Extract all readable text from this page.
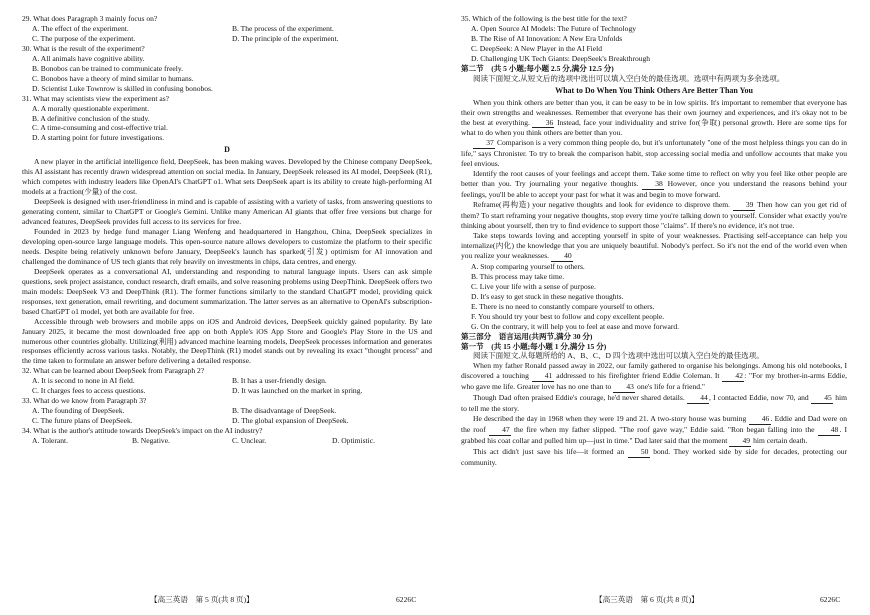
29. What does Paragraph 3 mainly focus on?
A. The effect of the experiment.	B. The process of the experiment.
C. The purpose of the experiment.	D. The principle of the experiment.
30. What is the result of the experiment?
A. All animals have cognitive ability.
B. Bonobos can be trained to communicate freely.
C. Bonobos have a theory of mind similar to humans.
D. Scientist Luke Townrow is skilled in confusing bonobos.
31. What may scientists view the experiment as?
A. A morally questionable experiment.
B. A definitive conclusion of the study.
C. A time-consuming and cost-effective trial.
D. A starting point for future investigations.
D

A new player in the artificial intelligence field, DeepSeek, has been making waves. Developed by the Chinese company DeepSeek, this AI assistant has recently drawn widespread attention on social media. In January, DeepSeek released its AI model, DeepSeek (R1), which competes with industry leaders like OpenAI's ChatGPT o1. What sets DeepSeek apart is its ability to create high-performing AI models at a fraction(少量) of the cost.

DeepSeek is designed with user-friendliness in mind and is capable of assisting with a variety of tasks, from answering questions to generating content, similar to ChatGPT or Google's Gemini. Unlike many American AI giants that offer free versions but charge for advanced features, DeepSeek provides full access to its services for free.

Founded in 2023 by hedge fund manager Liang Wenfeng and headquartered in Hangzhou, China, DeepSeek specializes in developing open-source large language models. This open-source nature allows developers to customize the platform to their specific needs. Despite being relatively unknown before January, DeepSeek's launch has sparked(引发) optimism for AI innovation and challenged the dominance of US tech giants that rely heavily on investments in chips, data centres, and energy.

DeepSeek operates as a conversational AI, understanding and responding to natural language inputs. Users can ask simple questions, seek project assistance, conduct research, draft emails, and solve reasoning problems using DeepThink. DeepSeek offers two main models: DeepSeek V3 and DeepThink (R1). The former functions similarly to the standard ChatGPT model, providing quick responses, text generation, email rewriting, and document summarization. The latter serves as an alternative to OpenAI's subscription-based ChatGPT o1 model, yet both are available for free.

Accessible through web browsers and mobile apps on iOS and Android devices, DeepSeek quickly gained popularity. By late January 2025, it became the most downloaded free app on both Apple's iOS App Store and Google's Play Store in the US and numerous other countries globally. Utilizing(利用) advanced machine learning models, DeepSeek processes information and generates responses efficiently across various tasks. Notably, the DeepThink (R1) model stands out by revealing its exact "thought process" and the time taken to formulate an answer before delivering a detailed response.

32. What can be learned about DeepSeek from Paragraph 2?
A. It is second to none in AI field.	B. It has a user-friendly design.
C. It charges fees to access questions.	D. It was launched on the market in spring.
33. What do we know from Paragraph 3?
A. The founding of DeepSeek.	B. The disadvantage of DeepSeek.
C. The future plans of DeepSeek.	D. The global expansion of DeepSeek.
34. What is the author's attitude towards DeepSeek's impact on the AI industry?
A. Tolerant.	B. Negative.	C. Unclear.	D. Optimistic.
【高三英语　第 5 页(共 8 页)】	6226C
35. Which of the following is the best title for the text?
A. Open Source AI Models: The Future of Technology
B. The Rise of AI Innovation: A New Era Unfolds
C. DeepSeek: A New Player in the AI Field
D. Challenging UK Tech Giants: DeepSeek's Breakthrough
第二节　(共 5 小题;每小题 2.5 分,满分 12.5 分)

阅读下面短文,从短文后的选项中选出可以填入空白处的最佳选项。选项中有两项为多余选项。

What to Do When You Think Others Are Better Than You

When you think others are better than you, it can be easy to be in low spirits. It's important to remember that everyone has their own strengths and weaknesses. Remember that everyone has their own journey and experiences, and it's okay not to be the best at everything. 36 Instead, face your individuality and strive for(争取) personal growth. Here are some tips for what to do when you think others are better than you.

37 Comparison is a very common thing people do, but it's unfortunately "one of the most helpless things you can do in life," says Chronister. To try to break the comparison habit, stop accessing social media and unfollow accounts that make you feel envious.

Identify the root causes of your feelings and accept them. Take some time to reflect on why you feel like other people are better than you. Try journaling your negative thoughts. 38 However, once you understand the reasons behind your feelings, you'll be able to accept your past for what it was and begin to move forward.

Reframe(再构造) your negative thoughts and look for evidence to disprove them. 39 Then how can you get rid of them? To start reframing your negative thoughts, stop every time you're talking down to yourself. Consider what exactly you're thinking about yourself, then try to find evidence to support those "claims". If there's no evidence, it's not true.

Take steps towards loving and accepting yourself in spite of your weaknesses. Practising self-acceptance can help you internalize(内化) the knowledge that you are uniquely beautiful. Nobody's perfect. So it's not the end of the world even when you realize your weaknesses. 40

A. Stop comparing yourself to others.
B. This process may take time.
C. Live your life with a sense of purpose.
D. It's easy to get stuck in these negative thoughts.
E. There is no need to constantly compare yourself to others.
F. You should try your best to follow and copy excellent people.
G. On the contrary, it will help you to feel at ease and move forward.
第三部分　语言运用(共两节,满分 30 分)
第一节　(共 15 小题;每小题 1 分,满分 15 分)

阅读下面短文,从每题所给的 A、B、C、D 四个选项中选出可以填入空白处的最佳选项。

When my father Ronald passed away in 2022, our family gathered to organise his belongings. Among his old notebooks, I discovered a touching 41 addressed to his firefighter friend Eddie Coleman. It 42: "For my brother-in-arms Eddie, who gave me life. Greater love has no one than to 43 one's life for a friend."

Though Dad often praised Eddie's courage, he'd never shared details. 44, I contacted Eddie, now 70, and 45 him to tell me the story.

He described the day in 1968 when they were 19 and 21. A two-story house was burning 46. Eddie and Dad were on the roof 47 the fire when my father slipped. "The roof gave way," Eddie said. "Ron began falling into the 48. I grabbed his coat collar and pulled him up—just in time." Dad later said that the moment 49 him certain death.

This act didn't just save his life—it formed an 50 bond. They worked side by side for decades, protecting our community.

【高三英语　第 6 页(共 8 页)】	6226C
